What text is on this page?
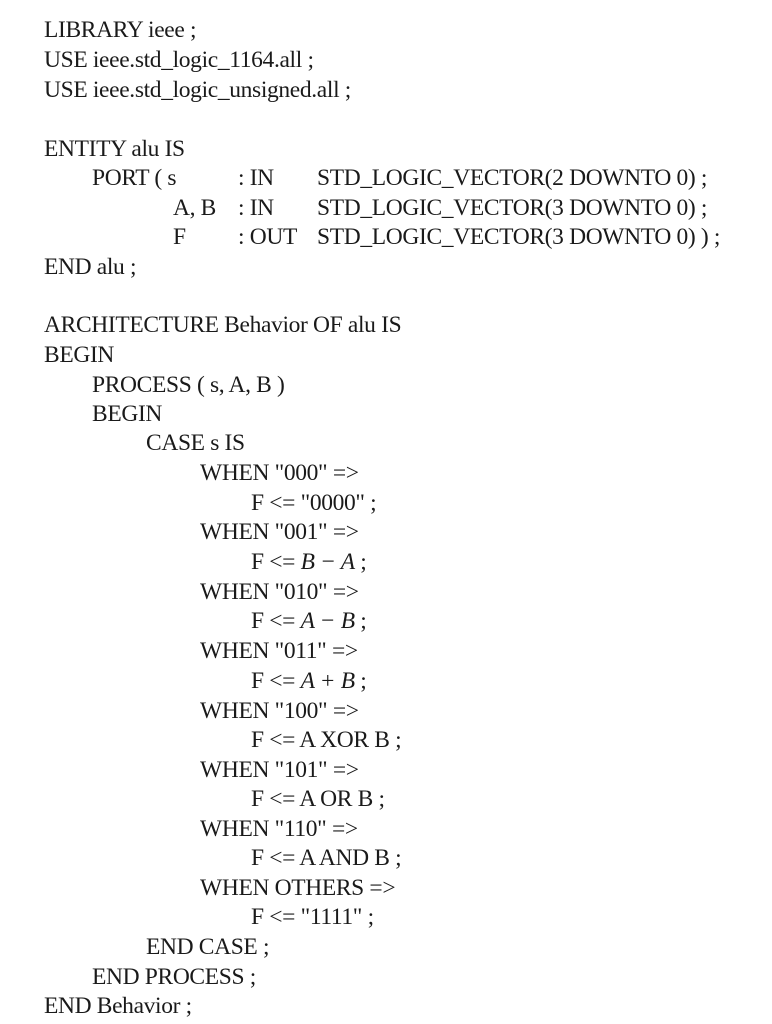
LIBRARY ieee ;
USE ieee.std_logic_1164.all ;
USE ieee.std_logic_unsigned.all ;
ENTITY alu IS

PORT ( s

	: IN

STD_LOGIC_VECTOR(2 DOWNTO 0) ;

A, B

: IN

STD_LOGIC_VECTOR(3 DOWNTO 0) ;

F

: OUT

STD_LOGIC_VECTOR(3 DOWNTO 0) ) ;

END alu ;
ARCHITECTURE Behavior OF alu IS
BEGIN
PROCESS ( s, A, B )
BEGIN
CASE s IS
WHEN "000" =>
F <= "0000" ;
WHEN "001" =>
F <= B − A ;
WHEN "010" =>
F <= A − B ;
WHEN "011" =>
F <= A + B ;
WHEN "100" =>
F <= A XOR B ;
WHEN "101" =>
F <= A OR B ;
WHEN "110" =>
F <= A AND B ;
WHEN OTHERS =>
F <= "1111" ;
END CASE ;
END PROCESS ;
END Behavior ;
